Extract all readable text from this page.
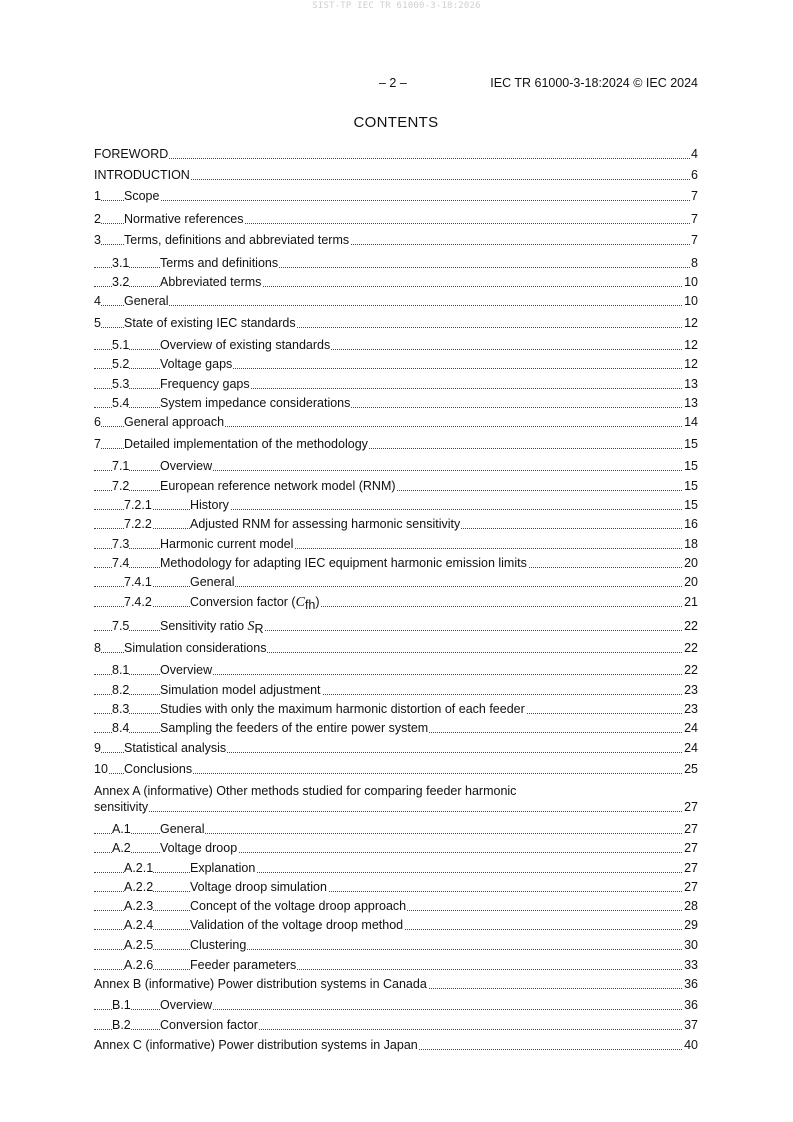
SIST-TP IEC TR 61000-3-18:2026
– 2 –	IEC TR 61000-3-18:2024 © IEC 2024
CONTENTS
FOREWORD	4
INTRODUCTION	6
1 Scope	7
2 Normative references	7
3 Terms, definitions and abbreviated terms	7
3.1 Terms and definitions	8
3.2 Abbreviated terms	10
4 General	10
5 State of existing IEC standards	12
5.1 Overview of existing standards	12
5.2 Voltage gaps	12
5.3 Frequency gaps	13
5.4 System impedance considerations	13
6 General approach	14
7 Detailed implementation of the methodology	15
7.1 Overview	15
7.2 European reference network model (RNM)	15
7.2.1	History	15
7.2.2	Adjusted RNM for assessing harmonic sensitivity	16
7.3 Harmonic current model	18
7.4 Methodology for adapting IEC equipment harmonic emission limits	20
7.4.1	General	20
7.4.2	Conversion factor (Cfh)	21
7.5 Sensitivity ratio SR	22
8 Simulation considerations	22
8.1 Overview	22
8.2 Simulation model adjustment	23
8.3 Studies with only the maximum harmonic distortion of each feeder	23
8.4 Sampling the feeders of the entire power system	24
9 Statistical analysis	24
10 Conclusions	25
Annex A (informative) Other methods studied for comparing feeder harmonic
sensitivity	27
A.1 General	27
A.2 Voltage droop	27
A.2.1	Explanation	27
A.2.2	Voltage droop simulation	27
A.2.3	Concept of the voltage droop approach	28
A.2.4	Validation of the voltage droop method	29
A.2.5	Clustering	30
A.2.6	Feeder parameters	33
Annex B (informative) Power distribution systems in Canada	36
B.1 Overview	36
B.2 Conversion factor	37
Annex C (informative) Power distribution systems in Japan	40
